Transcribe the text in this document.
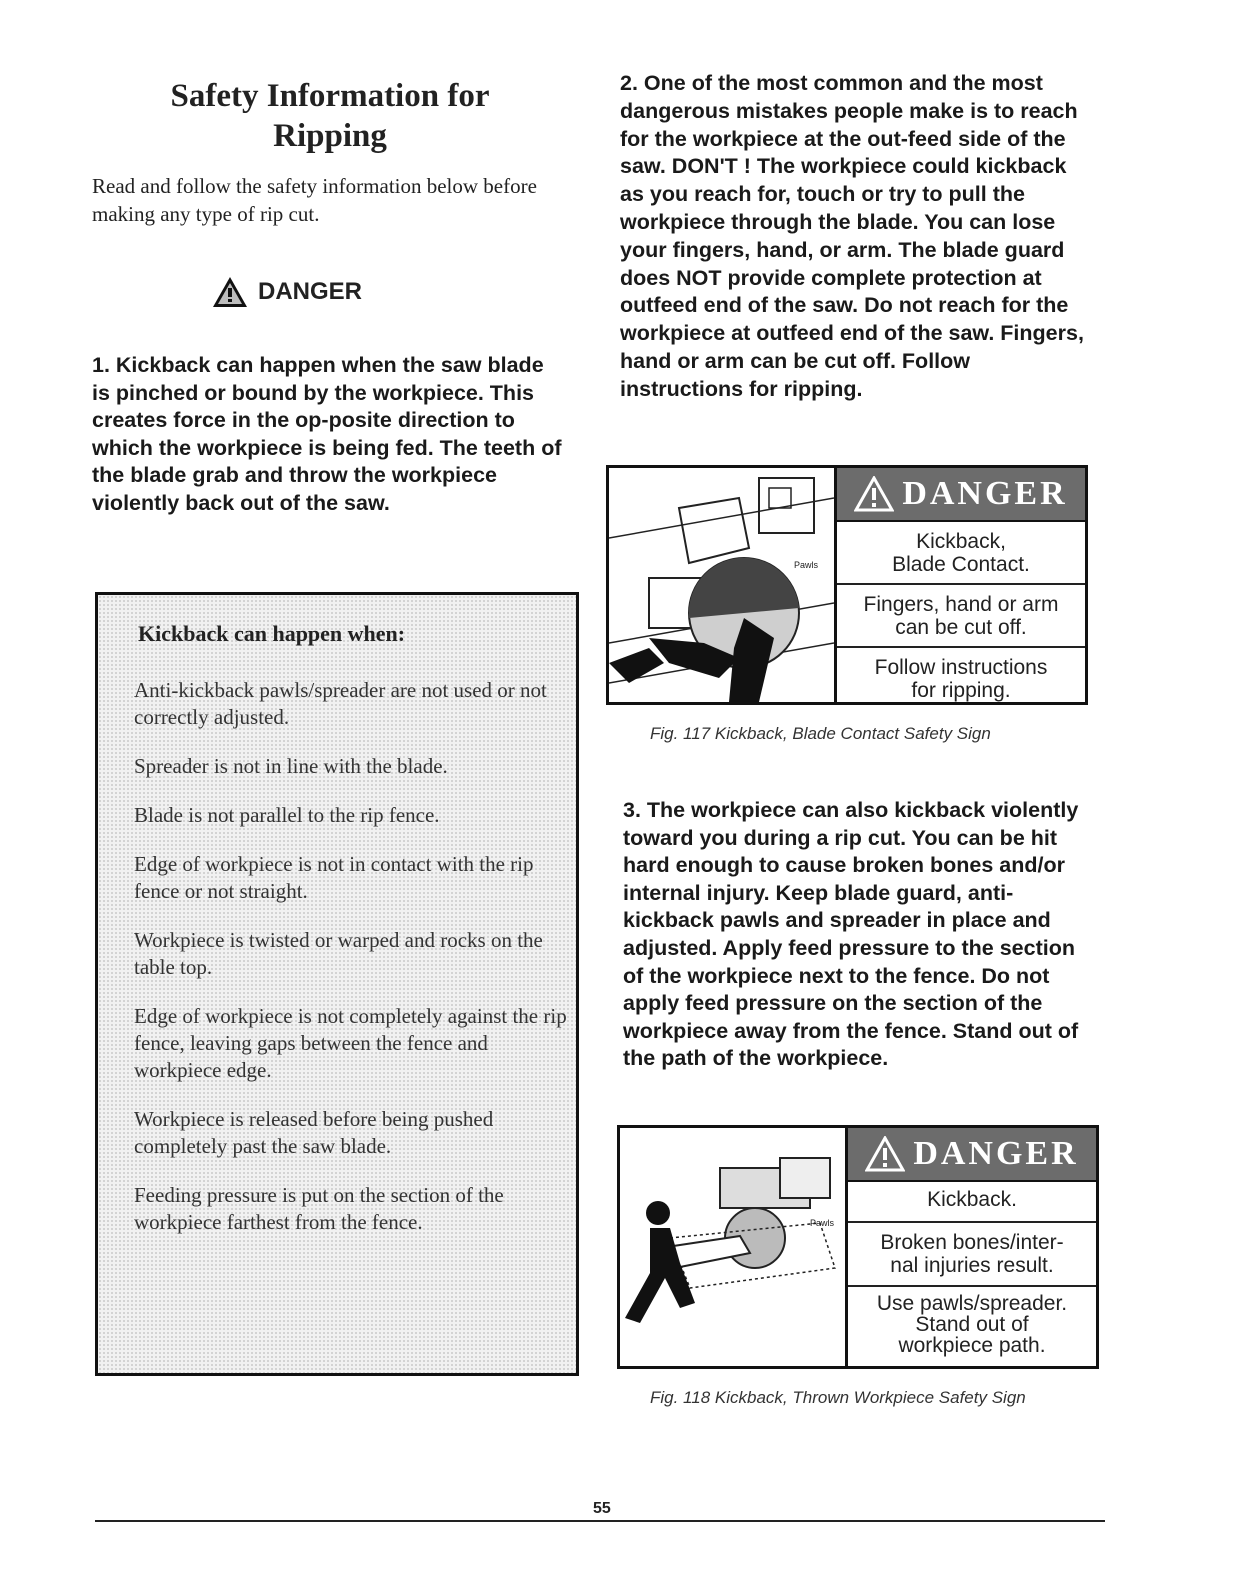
Safety Information for
Ripping
Read and follow the safety information below before making any type of rip cut.
DANGER
1. Kickback can happen when the saw blade is pinched or bound by the workpiece. This creates force in the op-posite direction to which the workpiece is being fed. The teeth of the blade grab and throw the workpiece violently back out of the saw.
Kickback can happen when:
Anti-kickback pawls/spreader are not used or not correctly adjusted.
Spreader is not in line with the blade.
Blade is not parallel to the rip fence.
Edge of workpiece is not in contact with the rip fence or not straight.
Workpiece is twisted or warped and rocks on the table top.
Edge of workpiece is not completely against the rip fence, leaving gaps between the fence and workpiece edge.
Workpiece is released before being pushed completely past the saw blade.
Feeding pressure is put on the section of the workpiece farthest from the fence.
2. One of the most common and the most dangerous mistakes people make is to reach for the workpiece at the out-feed side of the saw. DON'T ! The workpiece could kickback as you reach for, touch or try to pull the workpiece through the blade. You can lose your fingers, hand, or arm. The blade guard does NOT provide complete protection at outfeed end of the saw. Do not reach for the workpiece at outfeed end of the saw. Fingers, hand or arm can be cut off. Follow instructions for ripping.
Pawls
DANGER
Kickback,
Blade Contact.
Fingers, hand or arm
can be cut off.
Follow instructions
for ripping.
Fig. 117 Kickback, Blade Contact Safety Sign
3. The workpiece can also kickback violently toward you during a rip cut. You can be hit hard enough to cause broken bones and/or internal injury. Keep blade guard, anti-kickback pawls and spreader in place and adjusted. Apply feed pressure to the section of the workpiece next to the fence. Do not apply feed pressure on the section of the workpiece away from the fence. Stand out of the path of the workpiece.
Pawls
DANGER
Kickback.
Broken bones/inter-
nal injuries result.
Use pawls/spreader.
Stand out of
workpiece path.
Fig. 118 Kickback, Thrown Workpiece Safety Sign
55
